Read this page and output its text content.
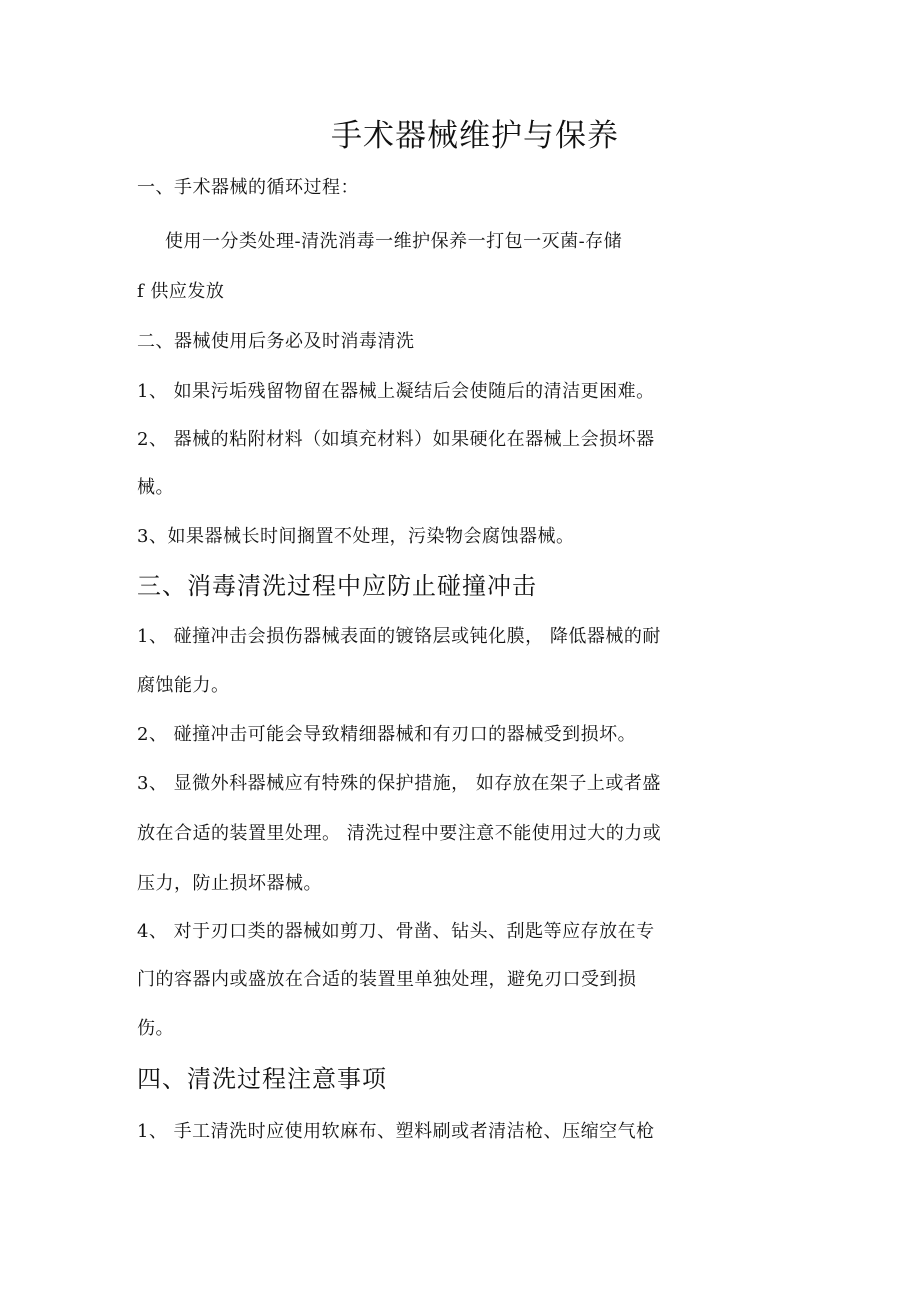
手术器械维护与保养
一、手术器械的循环过程：
使用一分类处理-清洗消毒一维护保养一打包一灭菌-存储
f 供应发放
二、器械使用后务必及时消毒清洗
1、 如果污垢残留物留在器械上凝结后会使随后的清洁更困难。
2、 器械的粘附材料（如填充材料）如果硬化在器械上会损坏器
械。
3、如果器械长时间搁置不处理，污染物会腐蚀器械。
三、消毒清洗过程中应防止碰撞冲击
1、 碰撞冲击会损伤器械表面的镀铬层或钝化膜， 降低器械的耐
腐蚀能力。
2、 碰撞冲击可能会导致精细器械和有刃口的器械受到损坏。
3、 显微外科器械应有特殊的保护措施， 如存放在架子上或者盛
放在合适的装置里处理。 清洗过程中要注意不能使用过大的力或
压力，防止损坏器械。
4、 对于刃口类的器械如剪刀、骨凿、钻头、刮匙等应存放在专
门的容器内或盛放在合适的装置里单独处理，避免刃口受到损
伤。
四、清洗过程注意事项
1、 手工清洗时应使用软麻布、塑料刷或者清洁枪、压缩空气枪
